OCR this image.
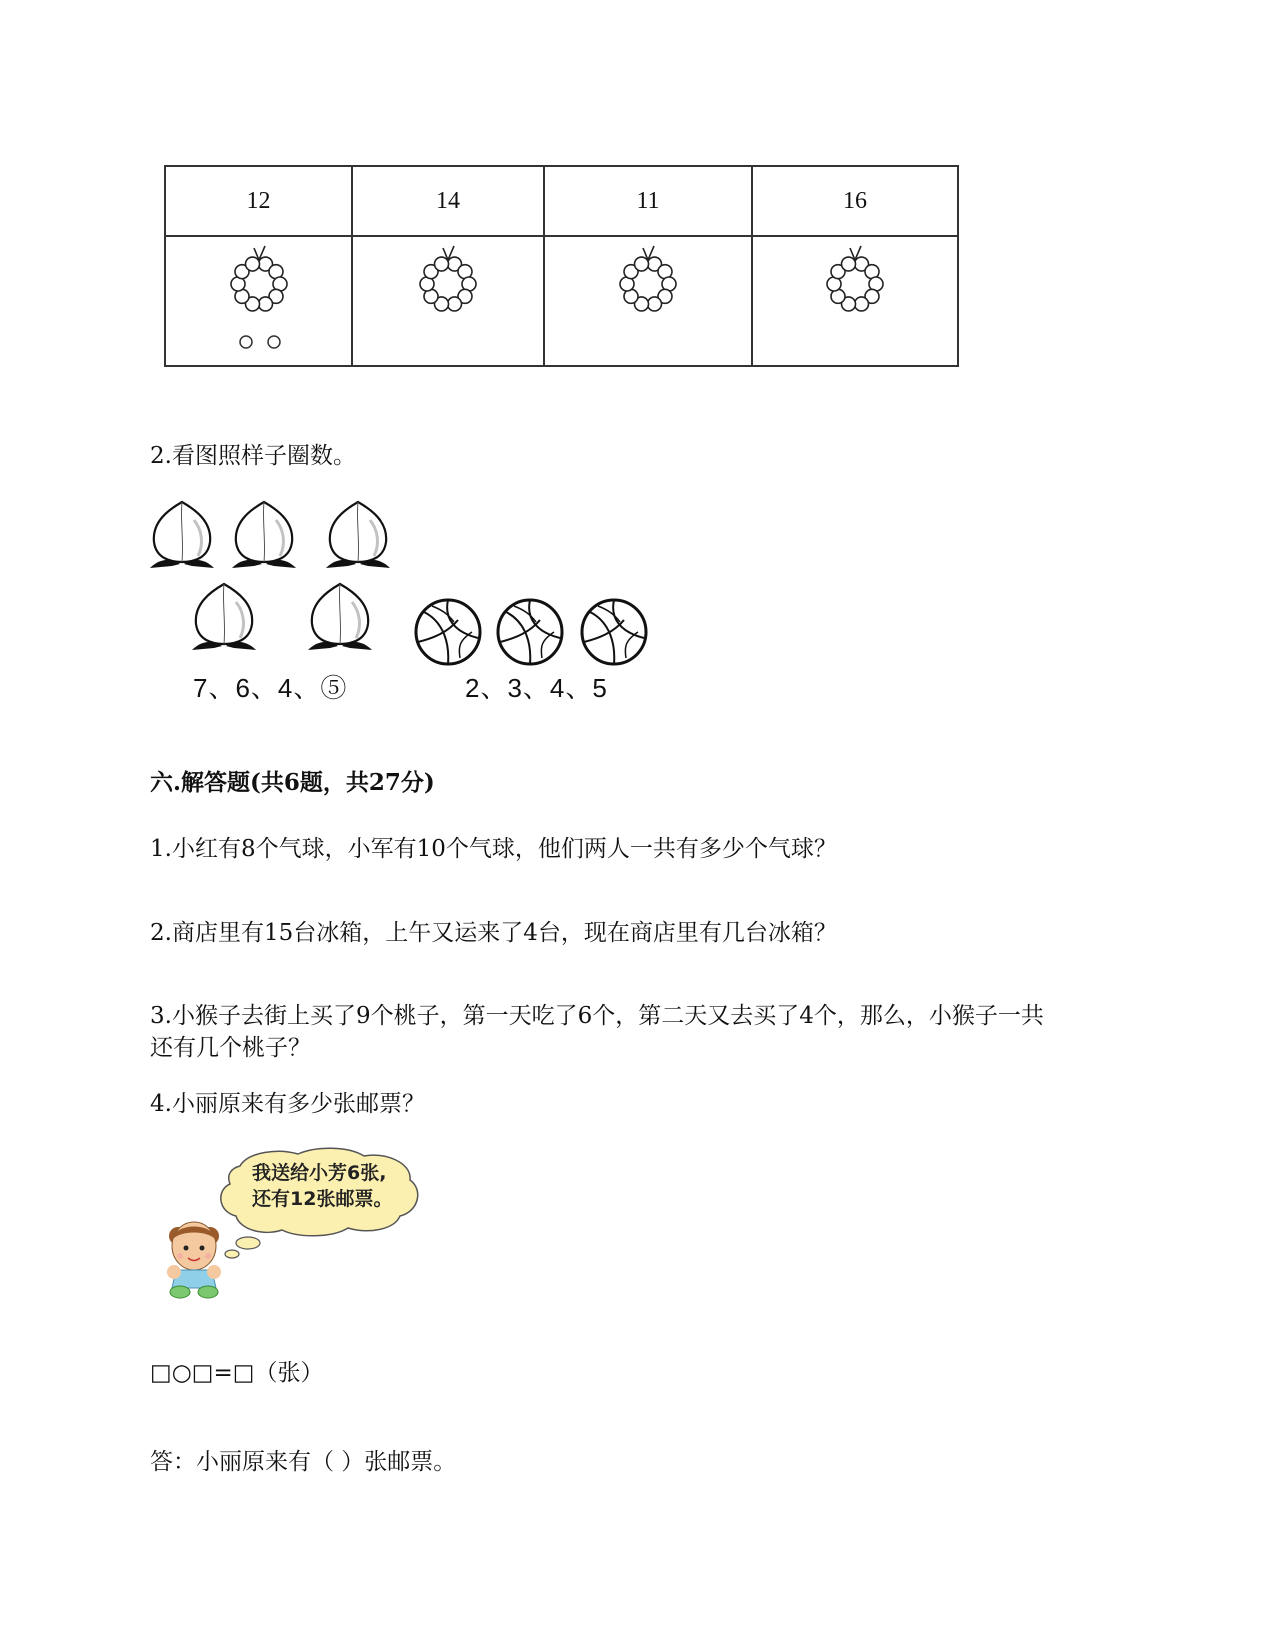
12	14	11	16

2.看图照样子圈数。
7、6、4、⑤	2、3、4、5
六.解答题(共6题，共27分)
1.小红有8个气球，小军有10个气球，他们两人一共有多少个气球？
2.商店里有15台冰箱，上午又运来了4台，现在商店里有几台冰箱？
3.小猴子去街上买了9个桃子，第一天吃了6个，第二天又去买了4个，那么，小猴子一共
还有几个桃子？
4.小丽原来有多少张邮票？
我送给小芳6张,
还有12张邮票。
□○□=□（张）
答：小丽原来有（ ）张邮票。
